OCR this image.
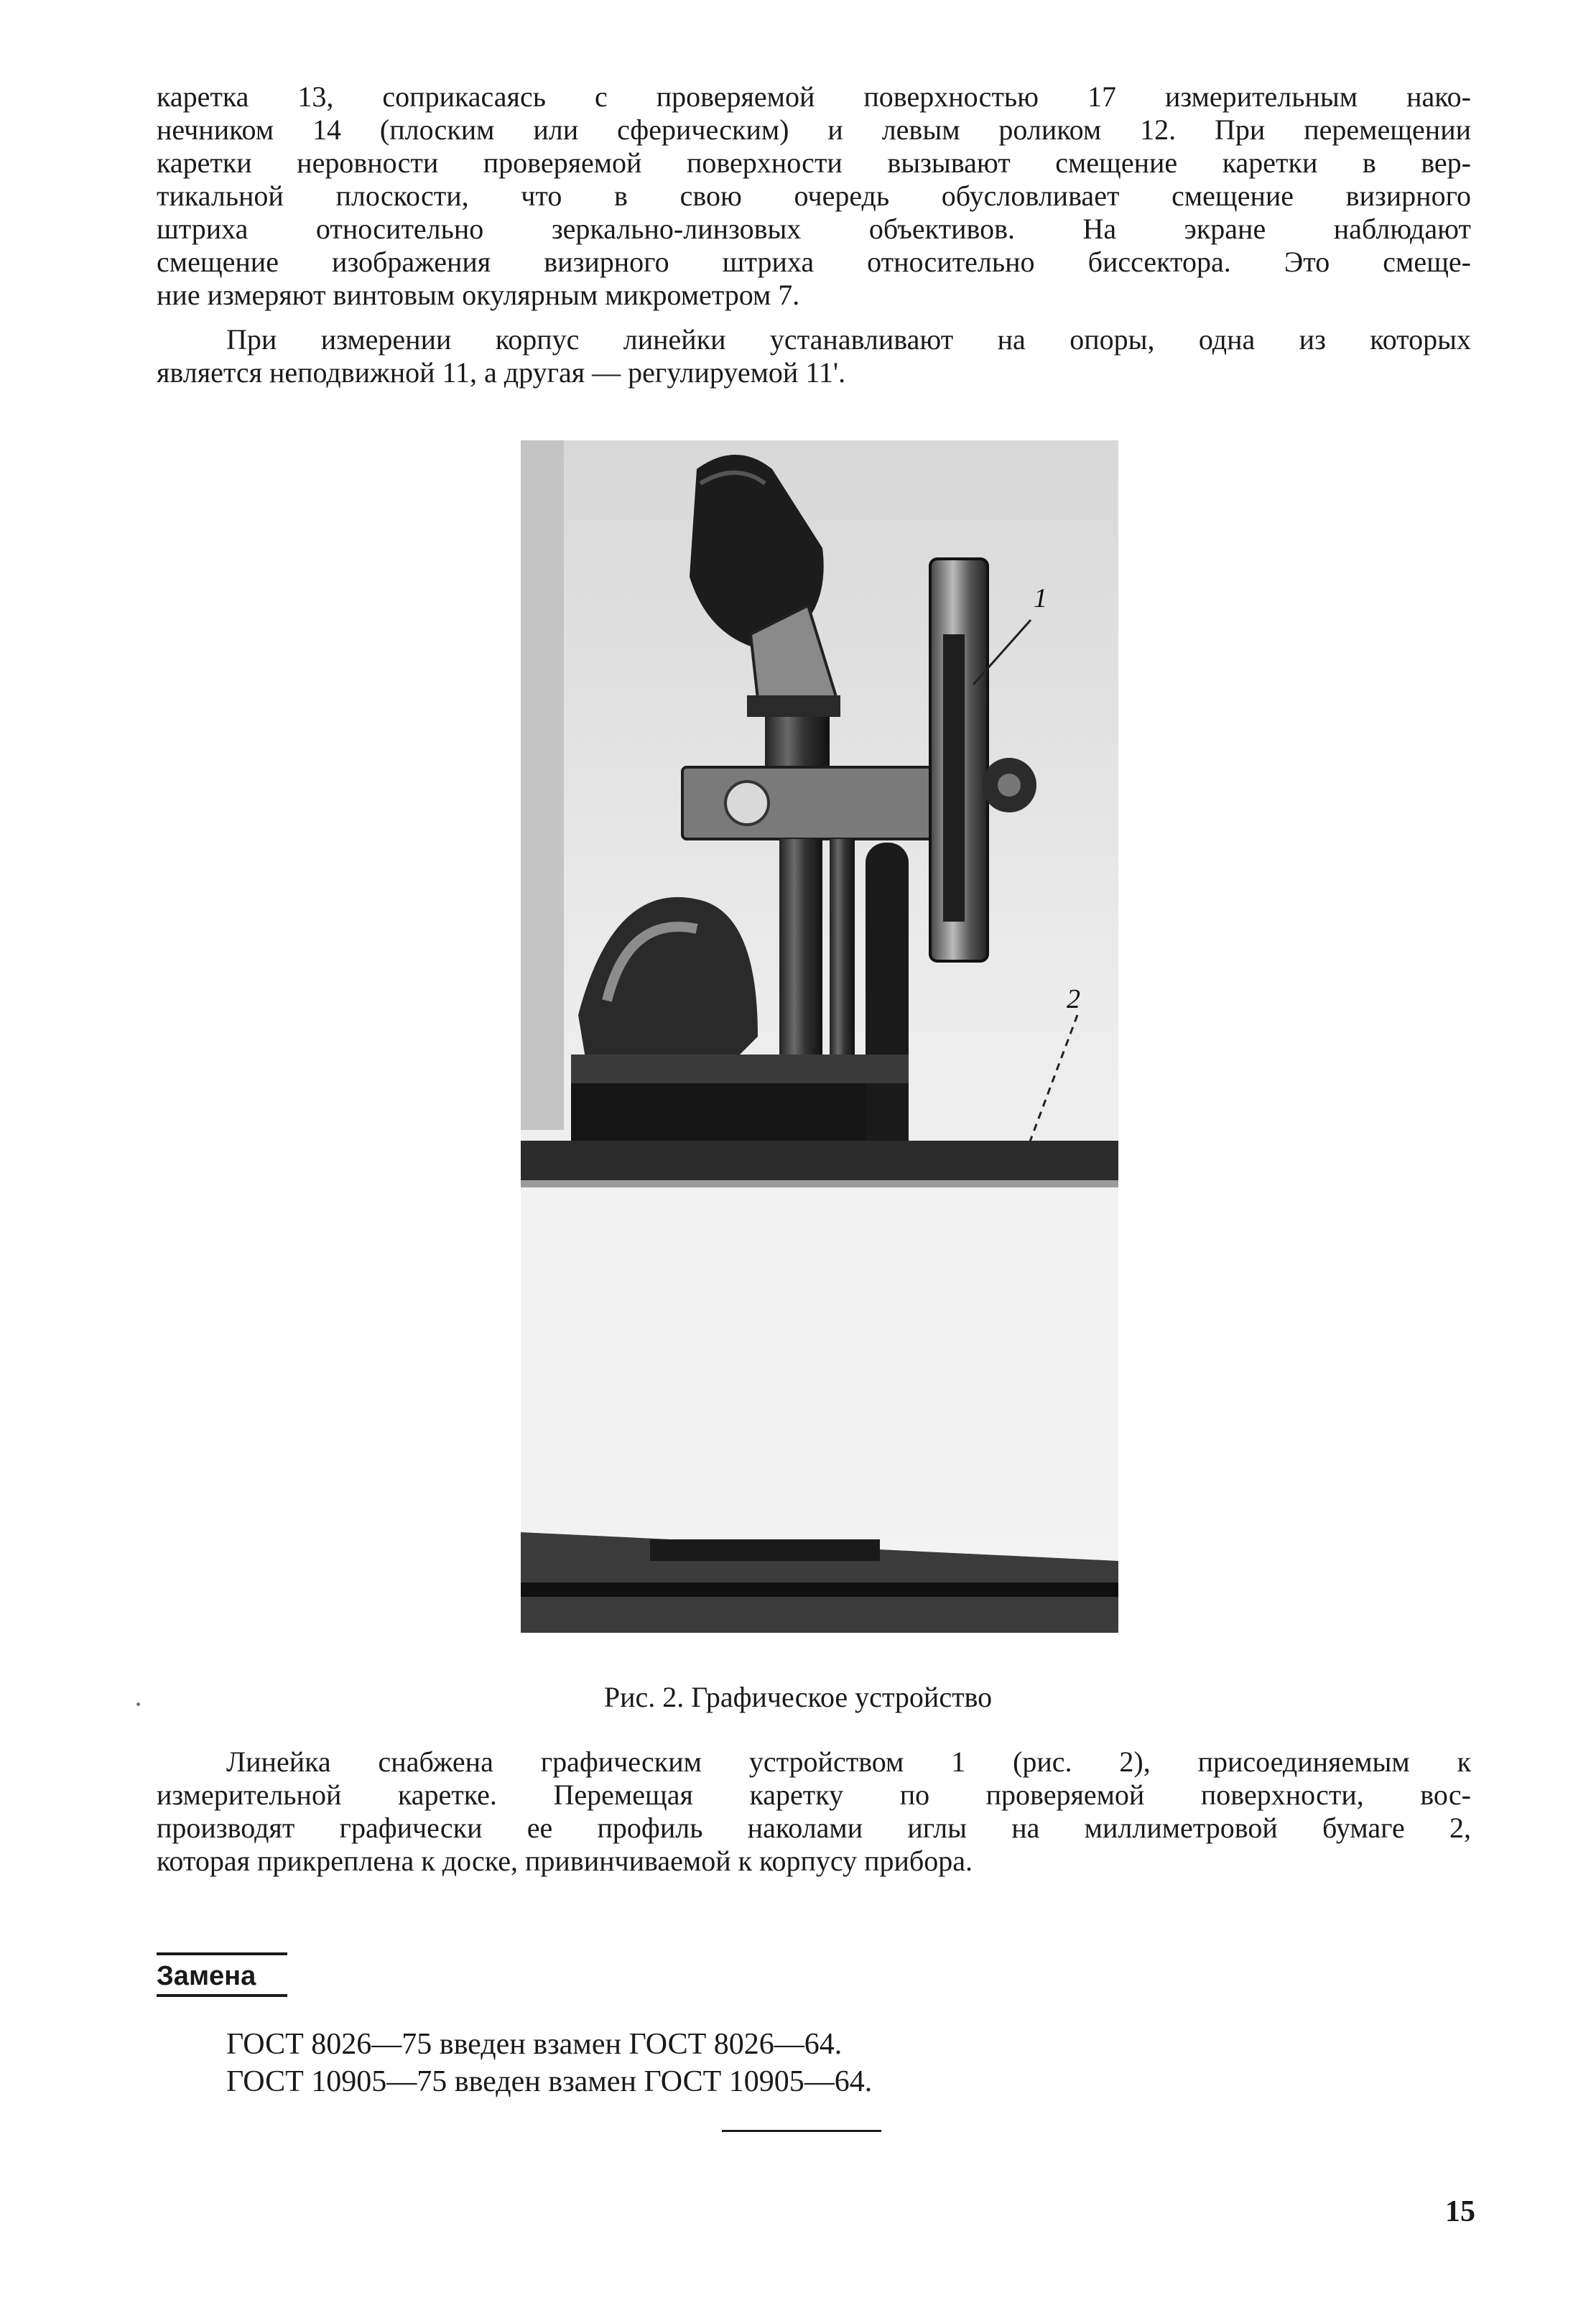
каретка 13, соприкасаясь с проверяемой поверхностью 17 измерительным нако-
нечником 14 (плоским или сферическим) и левым роликом 12. При перемещении
каретки неровности проверяемой поверхности вызывают смещение каретки в вер-
тикальной плоскости, что в свою очередь обусловливает смещение визирного
штриха относительно зеркально-линзовых объективов. На экране наблюдают
смещение изображения визирного штриха относительно биссектора. Это смеще-
ние измеряют винтовым окулярным микрометром 7.

При измерении корпус линейки устанавливают на опоры, одна из которых
является неподвижной 11, а другая — регулируемой 11'.

1
2
Рис. 2. Графическое устройство

Линейка снабжена графическим устройством 1 (рис. 2), присоединяемым к
измерительной каретке. Перемещая каретку по проверяемой поверхности, вос-
производят графически ее профиль наколами иглы на миллиметровой бумаге 2,
которая прикреплена к доске, привинчиваемой к корпусу прибора.

Замена
ГОСТ 8026—75 введен взамен ГОСТ 8026—64.
ГОСТ 10905—75 введен взамен ГОСТ 10905—64.
15
